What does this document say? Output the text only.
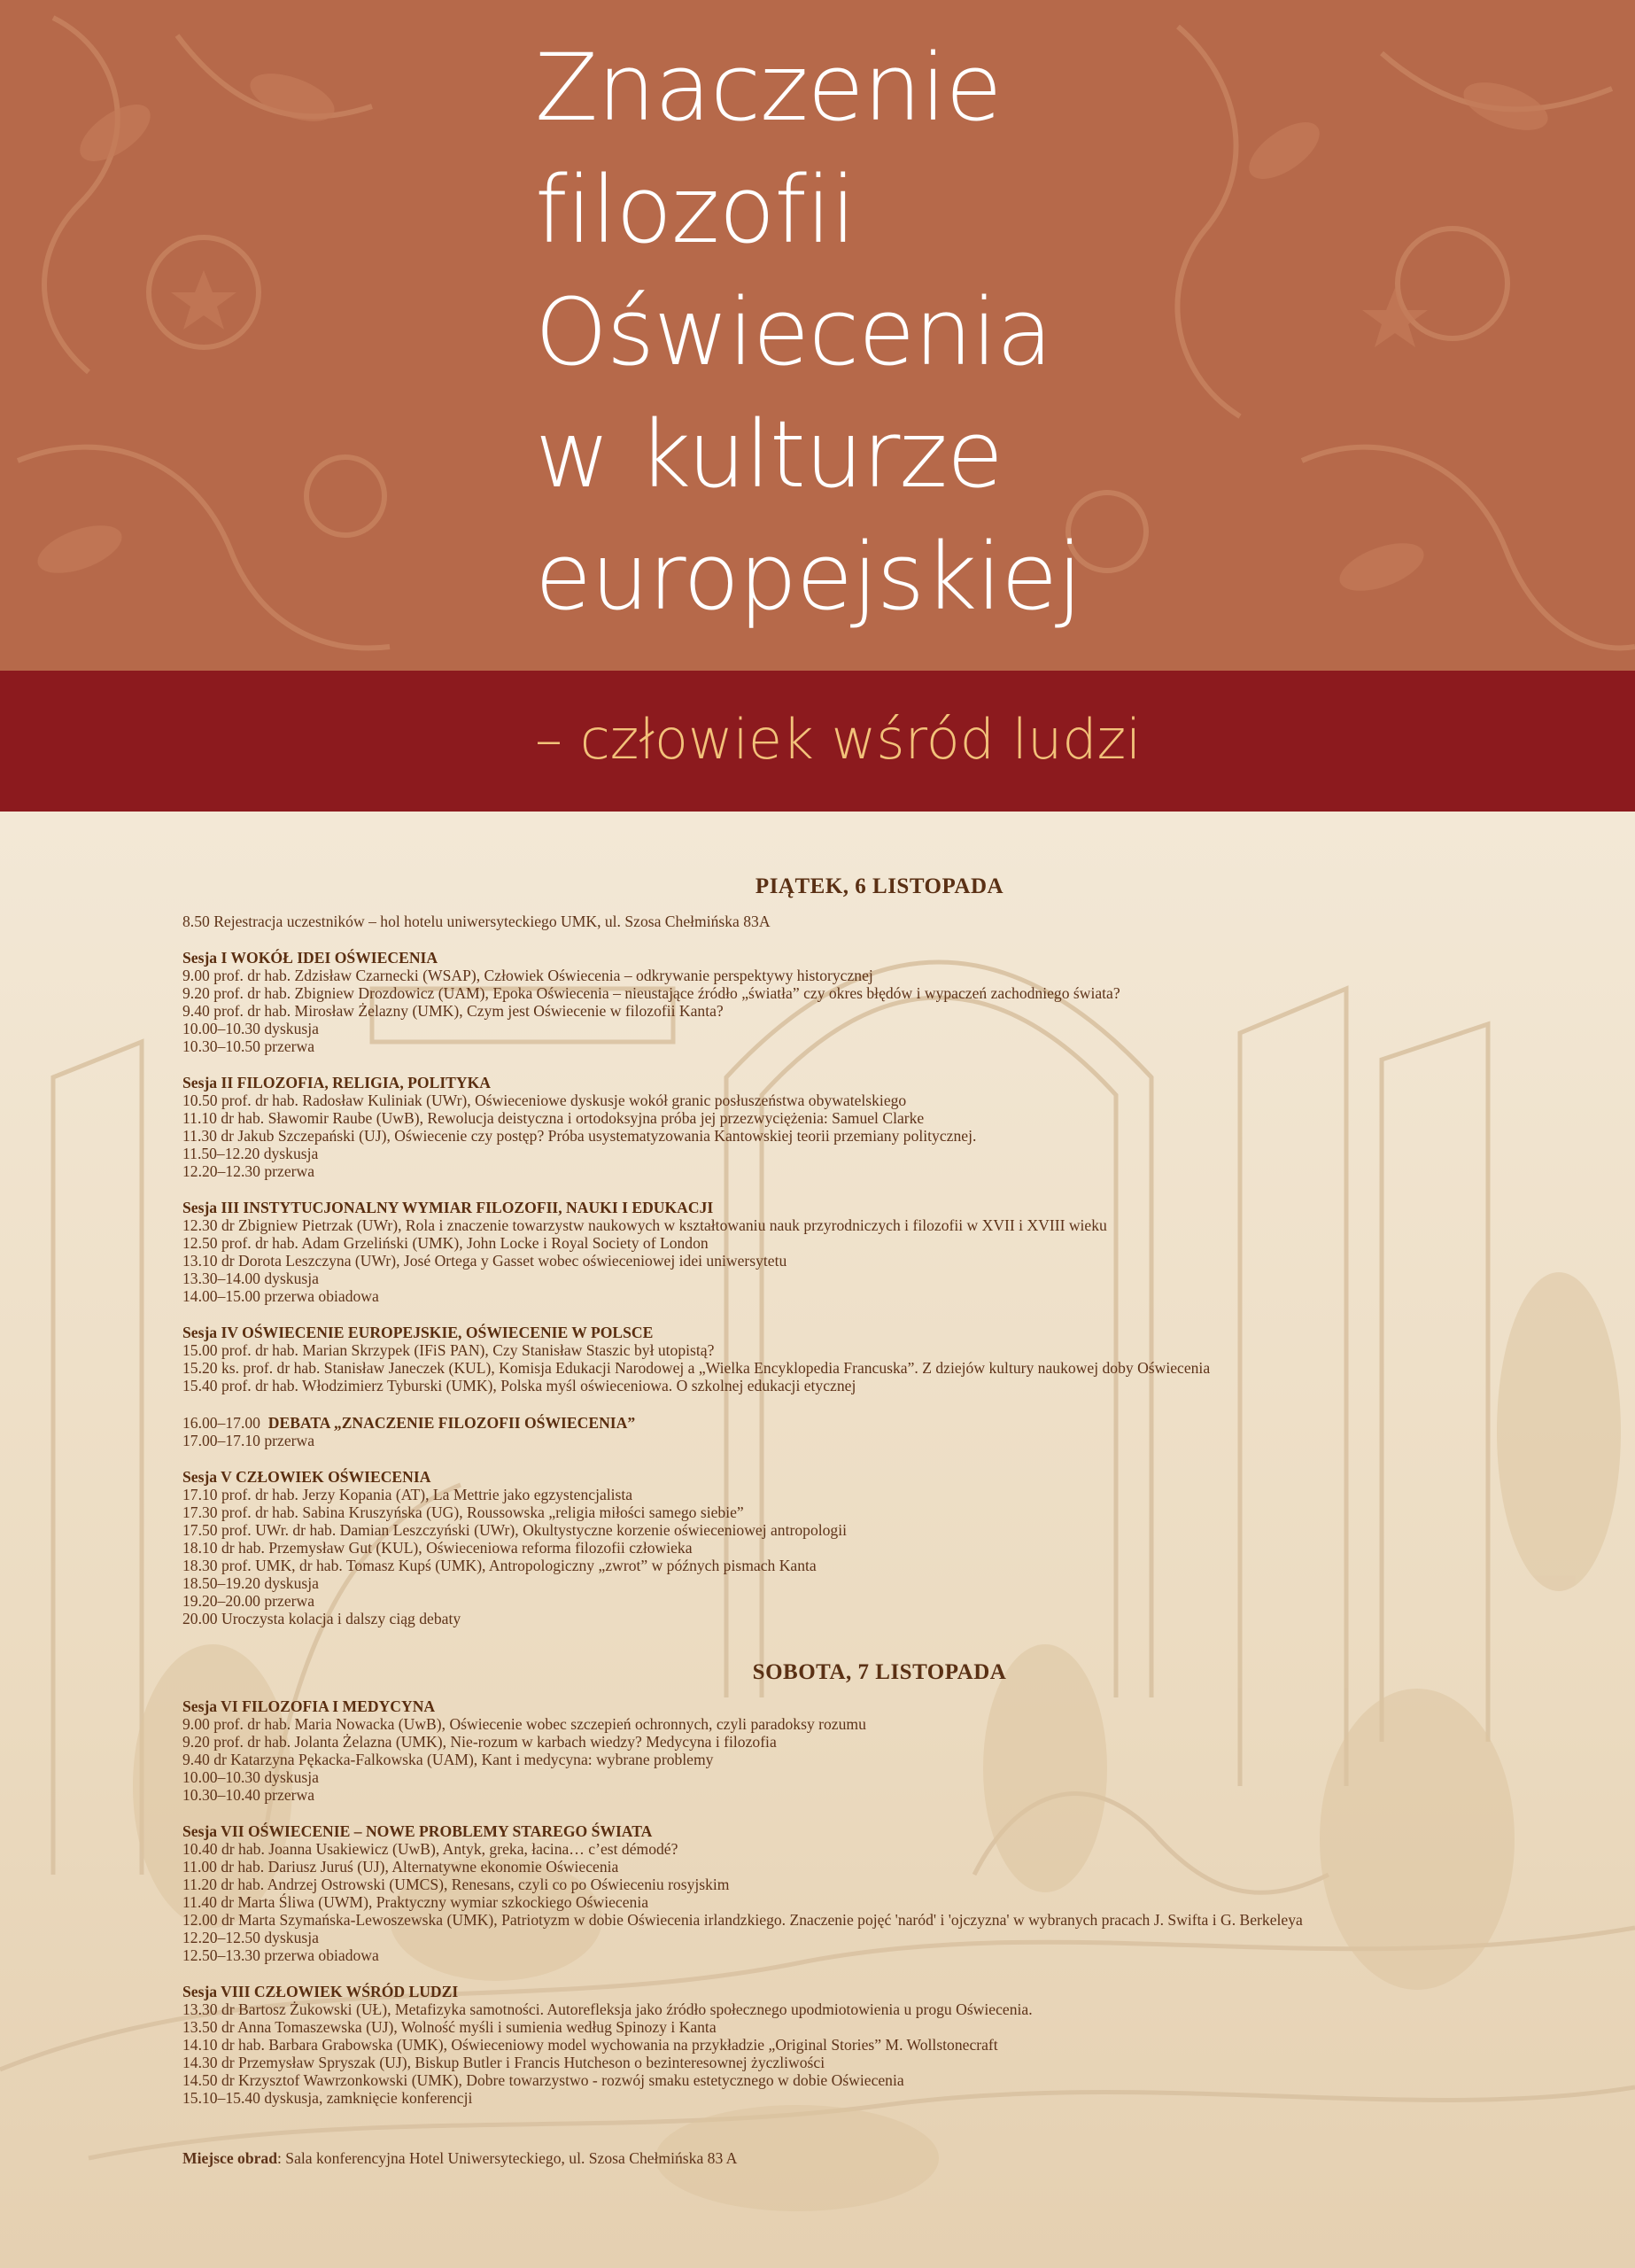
Znaczenie
filozofii
Oświecenia
w kulturze
europejskiej
– człowiek wśród ludzi
PIĄTEK, 6 LISTOPADA
8.50 Rejestracja uczestników – hol hotelu uniwersyteckiego UMK, ul. Szosa Chełmińska 83A
Sesja I WOKÓŁ IDEI OŚWIECENIA
9.00 prof. dr hab. Zdzisław Czarnecki (WSAP), Człowiek Oświecenia – odkrywanie perspektywy historycznej
9.20 prof. dr hab. Zbigniew Drozdowicz (UAM), Epoka Oświecenia – nieustające źródło „światła” czy okres błędów i wypaczeń zachodniego świata?
9.40 prof. dr hab. Mirosław Żelazny (UMK), Czym jest Oświecenie w filozofii Kanta?
10.00–10.30 dyskusja
10.30–10.50 przerwa
Sesja II FILOZOFIA, RELIGIA, POLITYKA
10.50 prof. dr hab. Radosław Kuliniak (UWr), Oświeceniowe dyskusje wokół granic posłuszeństwa obywatelskiego
11.10 dr hab. Sławomir Raube (UwB), Rewolucja deistyczna i ortodoksyjna próba jej przezwyciężenia: Samuel Clarke
11.30 dr Jakub Szczepański (UJ), Oświecenie czy postęp? Próba usystematyzowania Kantowskiej teorii przemiany politycznej.
11.50–12.20 dyskusja
12.20–12.30 przerwa
Sesja III INSTYTUCJONALNY WYMIAR FILOZOFII, NAUKI I EDUKACJI
12.30 dr Zbigniew Pietrzak (UWr), Rola i znaczenie towarzystw naukowych w kształtowaniu nauk przyrodniczych i filozofii w XVII i XVIII wieku
12.50 prof. dr hab. Adam Grzeliński (UMK), John Locke i Royal Society of London
13.10 dr Dorota Leszczyna (UWr), José Ortega y Gasset wobec oświeceniowej idei uniwersytetu
13.30–14.00 dyskusja
14.00–15.00 przerwa obiadowa
Sesja IV OŚWIECENIE EUROPEJSKIE, OŚWIECENIE W POLSCE
15.00 prof. dr hab. Marian Skrzypek (IFiS PAN), Czy Stanisław Staszic był utopistą?
15.20 ks. prof. dr hab. Stanisław Janeczek (KUL), Komisja Edukacji Narodowej a „Wielka Encyklopedia Francuska”. Z dziejów kultury naukowej doby Oświecenia
15.40 prof. dr hab. Włodzimierz Tyburski (UMK), Polska myśl oświeceniowa. O szkolnej edukacji etycznej
16.00–17.00 DEBATA „ZNACZENIE FILOZOFII OŚWIECENIA”
17.00–17.10 przerwa
Sesja V CZŁOWIEK OŚWIECENIA
17.10 prof. dr hab. Jerzy Kopania (AT), La Mettrie jako egzystencjalista
17.30 prof. dr hab. Sabina Kruszyńska (UG), Roussowska „religia miłości samego siebie”
17.50 prof. UWr. dr hab. Damian Leszczyński (UWr), Okultystyczne korzenie oświeceniowej antropologii
18.10 dr hab. Przemysław Gut (KUL), Oświeceniowa reforma filozofii człowieka
18.30 prof. UMK, dr hab. Tomasz Kupś (UMK), Antropologiczny „zwrot” w późnych pismach Kanta
18.50–19.20 dyskusja
19.20–20.00 przerwa
20.00 Uroczysta kolacja i dalszy ciąg debaty
SOBOTA, 7 LISTOPADA
Sesja VI FILOZOFIA I MEDYCYNA
9.00 prof. dr hab. Maria Nowacka (UwB), Oświecenie wobec szczepień ochronnych, czyli paradoksy rozumu
9.20 prof. dr hab. Jolanta Żelazna (UMK), Nie-rozum w karbach wiedzy? Medycyna i filozofia
9.40 dr Katarzyna Pękacka-Falkowska (UAM), Kant i medycyna: wybrane problemy
10.00–10.30 dyskusja
10.30–10.40 przerwa
Sesja VII OŚWIECENIE – NOWE PROBLEMY STAREGO ŚWIATA
10.40 dr hab. Joanna Usakiewicz (UwB), Antyk, greka, łacina… c’est démodé?
11.00 dr hab. Dariusz Juruś (UJ), Alternatywne ekonomie Oświecenia
11.20 dr hab. Andrzej Ostrowski (UMCS), Renesans, czyli co po Oświeceniu rosyjskim
11.40 dr Marta Śliwa (UWM), Praktyczny wymiar szkockiego Oświecenia
12.00 dr Marta Szymańska-Lewoszewska (UMK), Patriotyzm w dobie Oświecenia irlandzkiego. Znaczenie pojęć 'naród' i 'ojczyzna' w wybranych pracach J. Swifta i G. Berkeleya
12.20–12.50 dyskusja
12.50–13.30 przerwa obiadowa
Sesja VIII CZŁOWIEK WŚRÓD LUDZI
13.30 dr Bartosz Żukowski (UŁ), Metafizyka samotności. Autorefleksja jako źródło społecznego upodmiotowienia u progu Oświecenia.
13.50 dr Anna Tomaszewska (UJ), Wolność myśli i sumienia według Spinozy i Kanta
14.10 dr hab. Barbara Grabowska (UMK), Oświeceniowy model wychowania na przykładzie „Original Stories” M. Wollstonecraft
14.30 dr Przemysław Spryszak (UJ), Biskup Butler i Francis Hutcheson o bezinteresownej życzliwości
14.50 dr Krzysztof Wawrzonkowski (UMK), Dobre towarzystwo - rozwój smaku estetycznego w dobie Oświecenia
15.10–15.40 dyskusja, zamknięcie konferencji
Miejsce obrad: Sala konferencyjna Hotel Uniwersyteckiego, ul. Szosa Chełmińska 83 A
